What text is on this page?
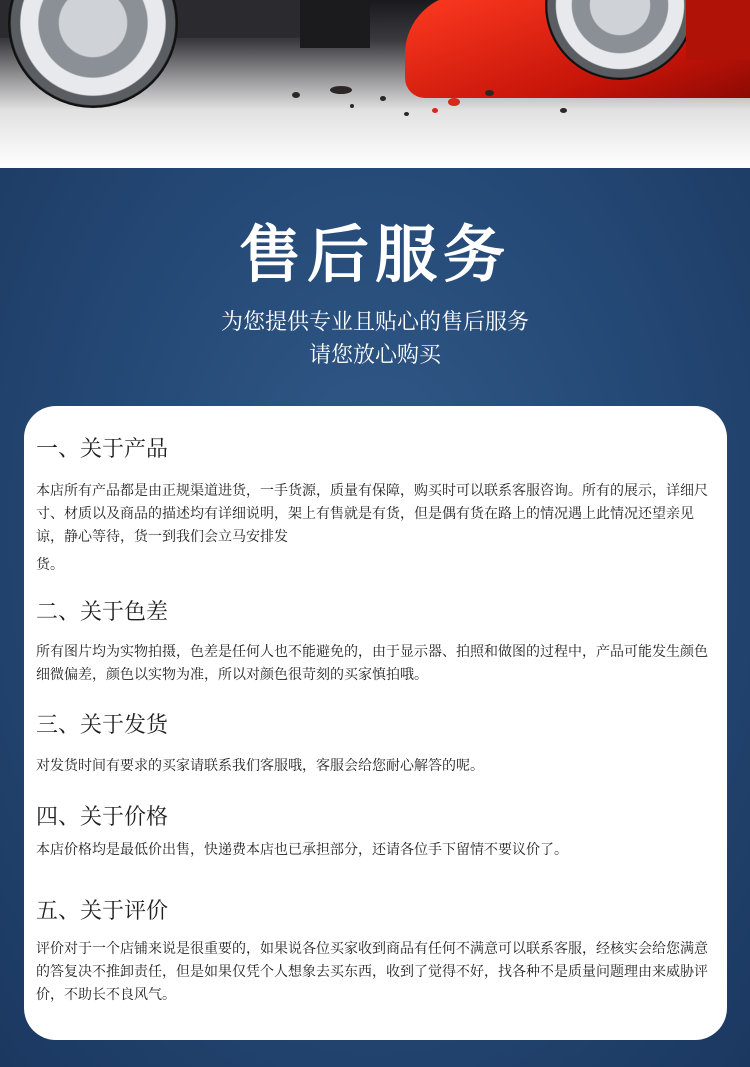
售后服务
为您提供专业且贴心的售后服务
请您放心购买
一、关于产品
本店所有产品都是由正规渠道进货，一手货源，质量有保障，购买时可以联系客服咨询。所有的展示，详细尺寸、材质以及商品的描述均有详细说明，架上有售就是有货，但是偶有货在路上的情况遇上此情况还望亲见谅，静心等待，货一到我们会立马安排发
货。
二、关于色差
所有图片均为实物拍摄，色差是任何人也不能避免的，由于显示器、拍照和做图的过程中，产品可能发生颜色细微偏差，颜色以实物为准，所以对颜色很苛刻的买家慎拍哦。
三、关于发货
对发货时间有要求的买家请联系我们客服哦，客服会给您耐心解答的呢。
四、关于价格
本店价格均是最低价出售，快递费本店也已承担部分，还请各位手下留情不要议价了。
五、关于评价
评价对于一个店铺来说是很重要的，如果说各位买家收到商品有任何不满意可以联系客服，经核实会给您满意的答复决不推卸责任，但是如果仅凭个人想象去买东西，收到了觉得不好，找各种不是质量问题理由来威胁评价，不助长不良风气。
